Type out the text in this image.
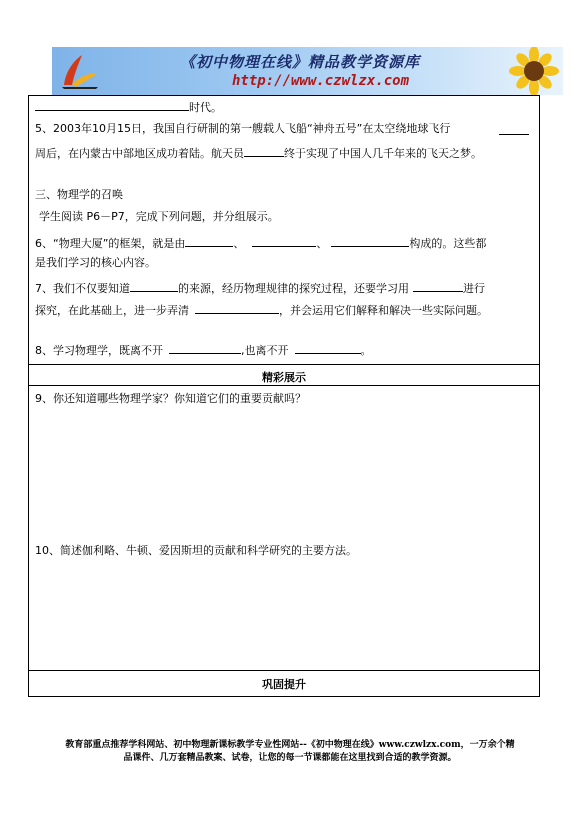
《初中物理在线》精品教学资源库
http://www.czwlzx.com
时代。
5、2003年10月15日，我国自行研制的第一艘载人飞船“神舟五号”在太空绕地球飞行
周后，在内蒙古中部地区成功着陆。航天员	终于实现了中国人几千年来的飞天之梦。
三、物理学的召唤
学生阅读 P6－P7，完成下列问题，并分组展示。
6、“物理大厦”的框架，就是由	、	、	构成的。这些都
是我们学习的核心内容。
7、我们不仅要知道	的来源，经历物理规律的探究过程，还要学习用	进行
探究，在此基础上，进一步弄清	，并会运用它们解释和解决一些实际问题。
8、学习物理学，既离不开	,也离不开	。
精彩展示
9、你还知道哪些物理学家？你知道它们的重要贡献吗？
10、简述伽利略、牛顿、爱因斯坦的贡献和科学研究的主要方法。
巩固提升
教育部重点推荐学科网站、初中物理新课标教学专业性网站--《初中物理在线》www.czwlzx.com，一万余个精
品课件、几万套精品教案、试卷，让您的每一节课都能在这里找到合适的教学资源。
